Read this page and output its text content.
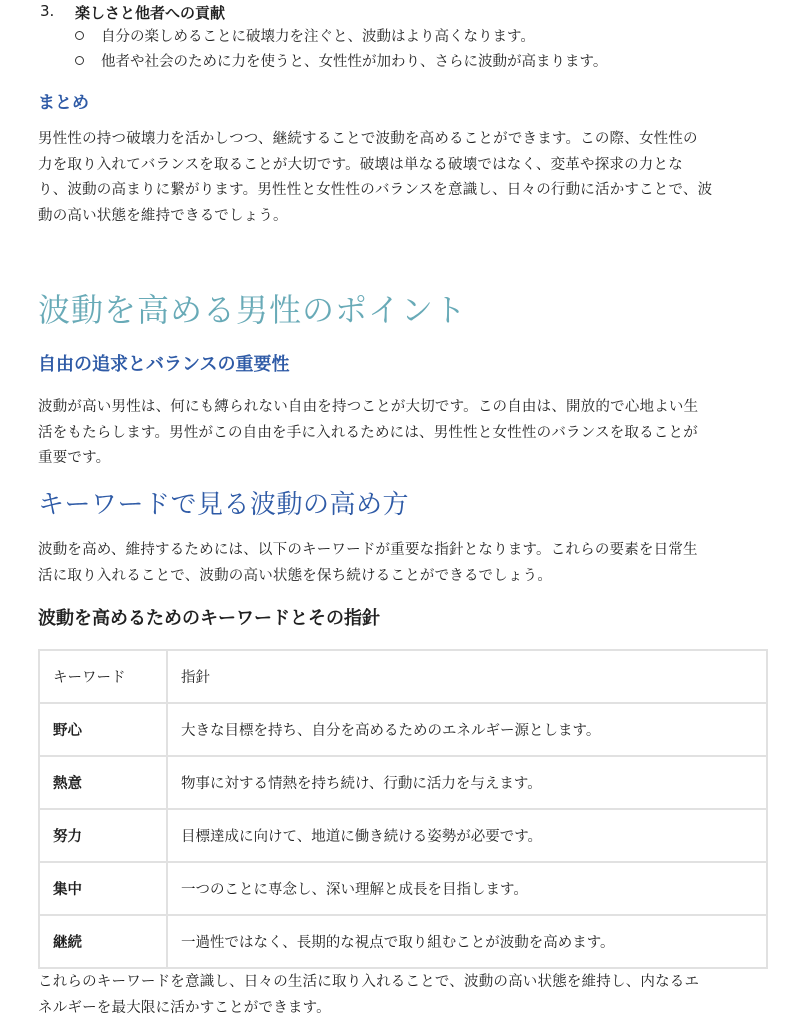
3. 楽しさと他者への貢献
自分の楽しめることに破壊力を注ぐと、波動はより高くなります。
他者や社会のために力を使うと、女性性が加わり、さらに波動が高まります。
まとめ
男性性の持つ破壊力を活かしつつ、継続することで波動を高めることができます。この際、女性性の
力を取り入れてバランスを取ることが大切です。破壊は単なる破壊ではなく、変革や探求の力とな
り、波動の高まりに繋がります。男性性と女性性のバランスを意識し、日々の行動に活かすことで、波
動の高い状態を維持できるでしょう。
波動を高める男性のポイント
自由の追求とバランスの重要性
波動が高い男性は、何にも縛られない自由を持つことが大切です。この自由は、開放的で心地よい生
活をもたらします。男性がこの自由を手に入れるためには、男性性と女性性のバランスを取ることが
重要です。
キーワードで見る波動の高め方
波動を高め、維持するためには、以下のキーワードが重要な指針となります。これらの要素を日常生
活に取り入れることで、波動の高い状態を保ち続けることができるでしょう。
波動を高めるためのキーワードとその指針
キーワード	指針
野心	大きな目標を持ち、自分を高めるためのエネルギー源とします。
熱意	物事に対する情熱を持ち続け、行動に活力を与えます。
努力	目標達成に向けて、地道に働き続ける姿勢が必要です。
集中	一つのことに専念し、深い理解と成長を目指します。
継続	一過性ではなく、長期的な視点で取り組むことが波動を高めます。
これらのキーワードを意識し、日々の生活に取り入れることで、波動の高い状態を維持し、内なるエ
ネルギーを最大限に活かすことができます。
